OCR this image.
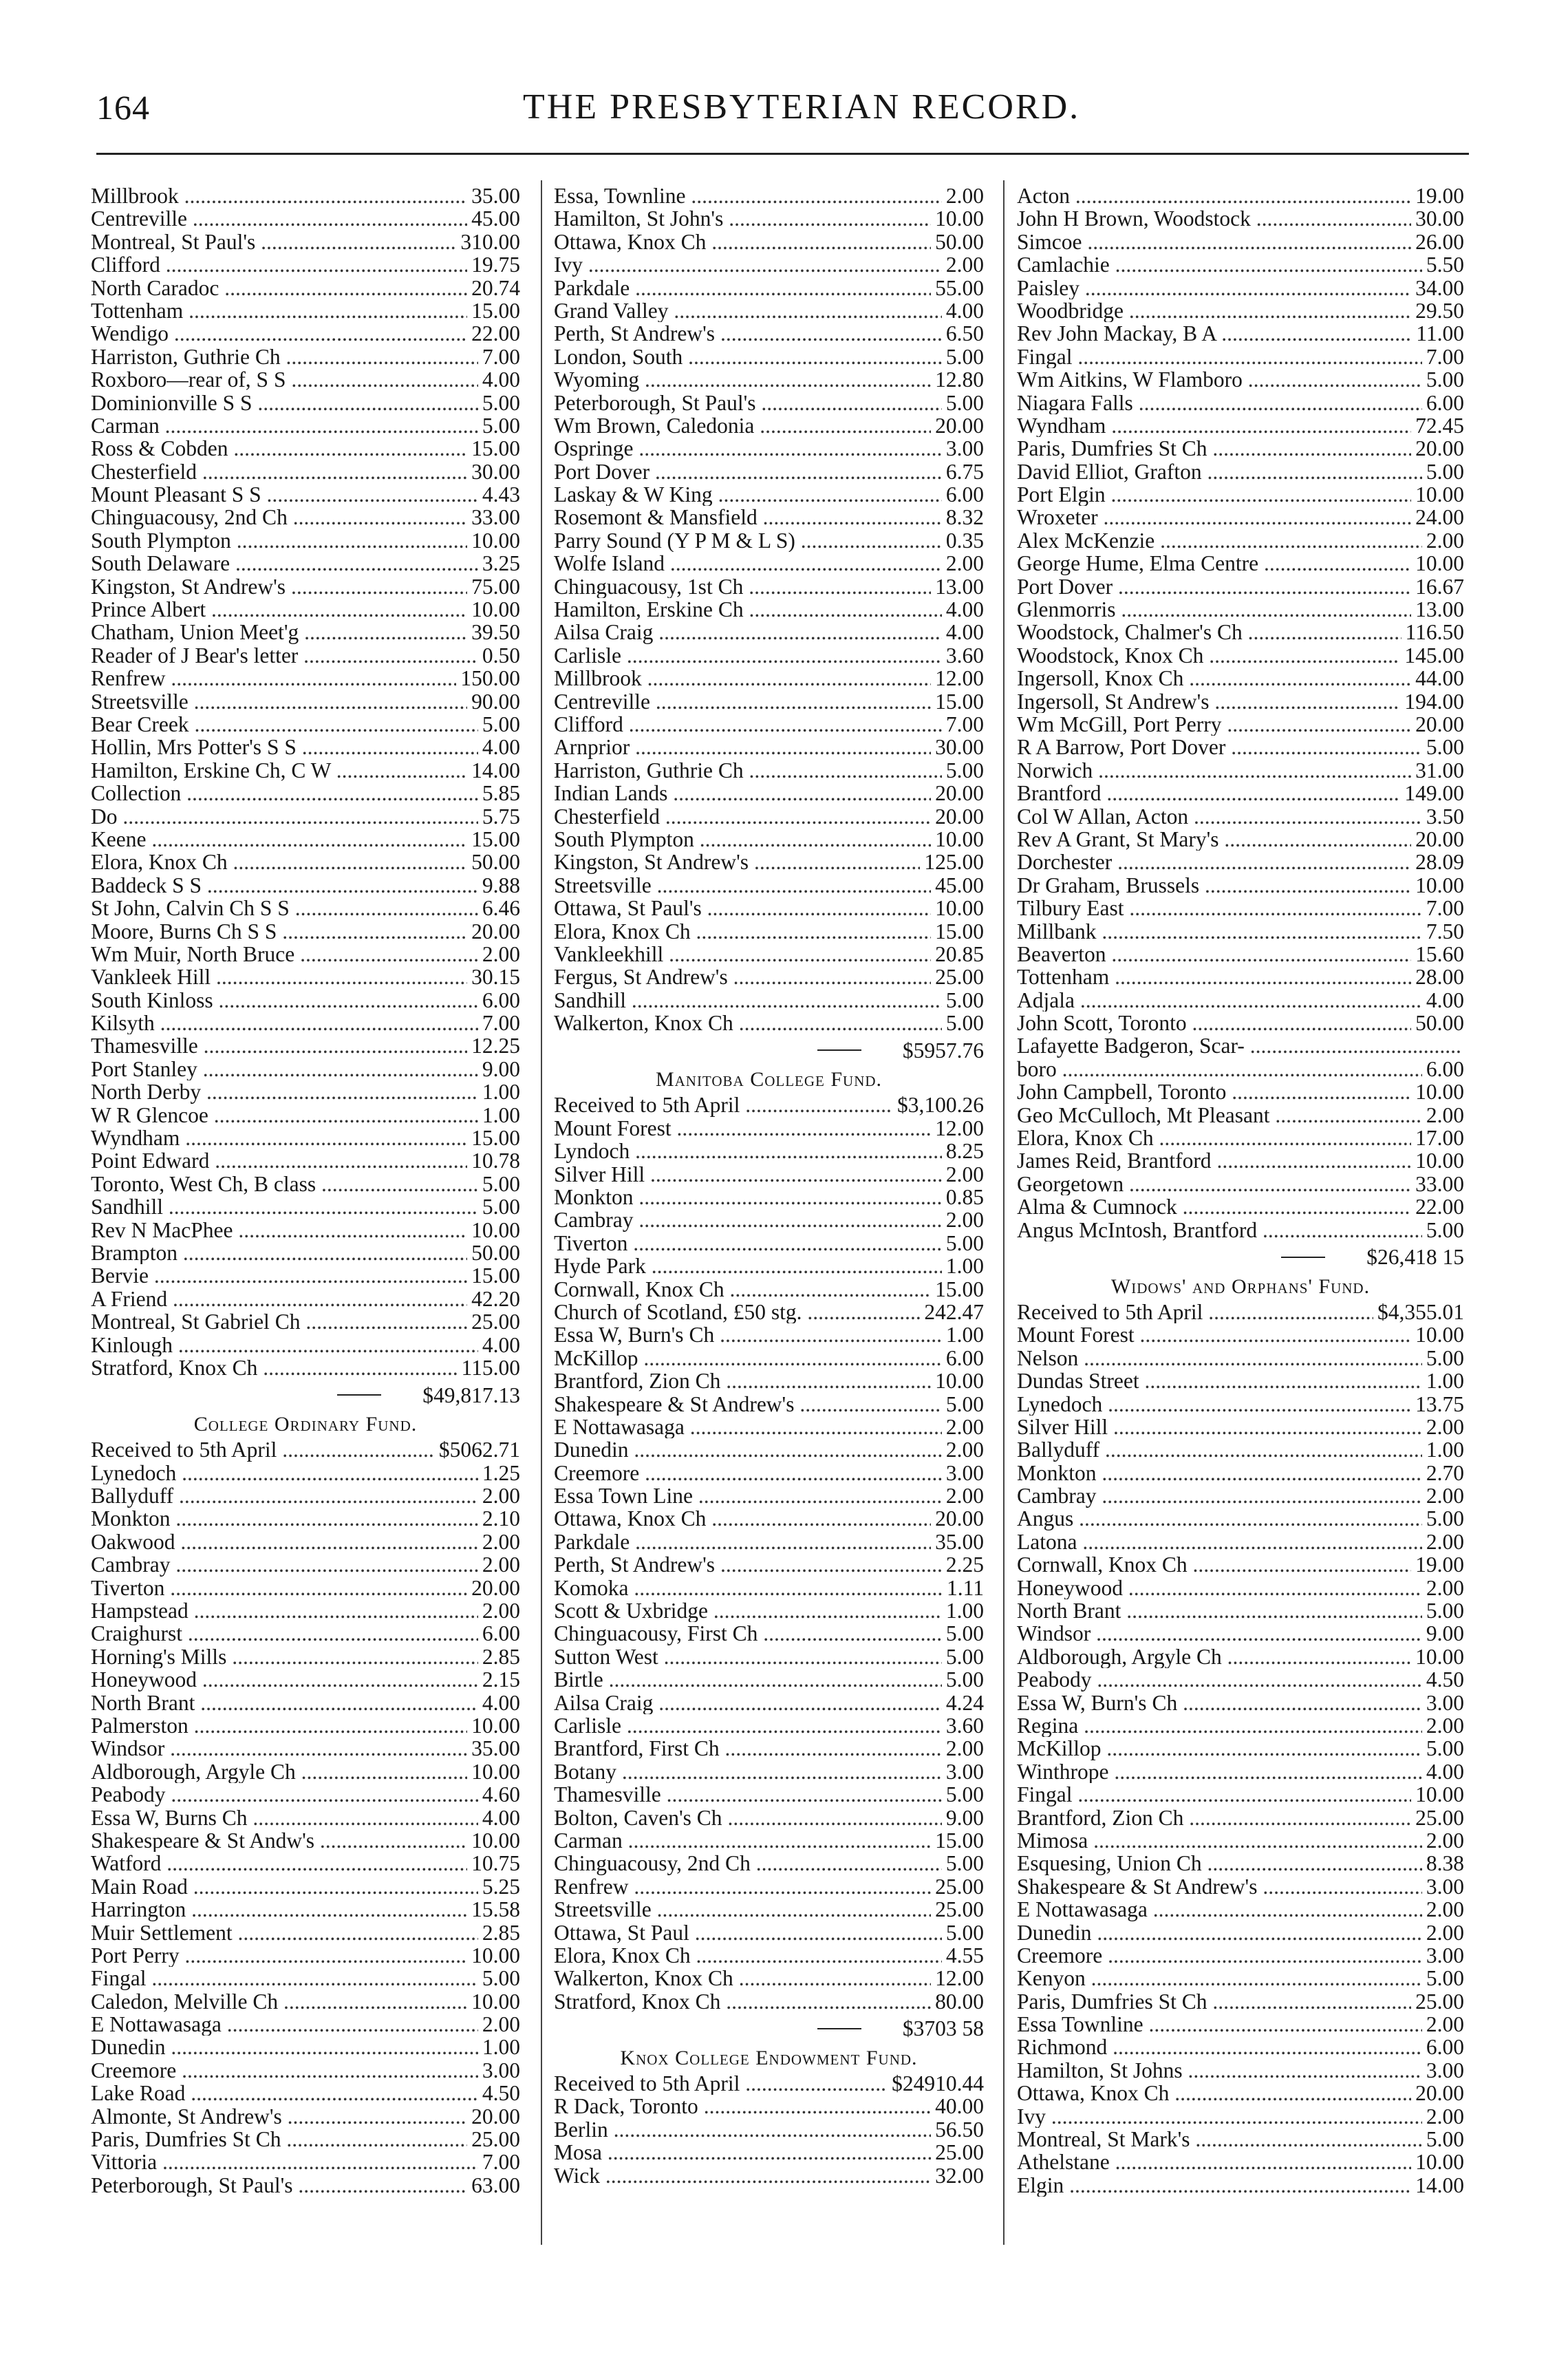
164	THE PRESBYTERIAN RECORD.
Millbrook .....	35.00
Centreville .....	45.00
Montreal, St Paul's .....	310.00
Clifford .....	19.75
North Caradoc .....	20.74
Tottenham .....	15.00
Wendigo .....	22.00
Harriston, Guthrie Ch .....	7.00
Roxboro—rear of, S S .....	4.00
Dominionville S S .....	5.00
Carman .....	5.00
Ross & Cobden .....	15.00
Chesterfield .....	30.00
Mount Pleasant S S .....	4.43
Chinguacousy, 2nd Ch .....	33.00
South Plympton .....	10.00
South Delaware .....	3.25
Kingston, St Andrew's .....	75.00
Prince Albert .....	10.00
Chatham, Union Meet'g .....	39.50
Reader of J Bear's letter .....	0.50
Renfrew .....	150.00
Streetsville .....	90.00
Bear Creek .....	5.00
Hollin, Mrs Potter's S S .....	4.00
Hamilton, Erskine Ch, C W .....	14.00
Collection .....	5.85
Do .....	5.75
Keene .....	15.00
Elora, Knox Ch .....	50.00
Baddeck S S .....	9.88
St John, Calvin Ch S S .....	6.46
Moore, Burns Ch S S .....	20.00
Wm Muir, North Bruce .....	2.00
Vankleek Hill .....	30.15
South Kinloss .....	6.00
Kilsyth .....	7.00
Thamesville .....	12.25
Port Stanley .....	9.00
North Derby .....	1.00
W R Glencoe .....	1.00
Wyndham .....	15.00
Point Edward .....	10.78
Toronto, West Ch, B class .....	5.00
Sandhill .....	5.00
Rev N MacPhee .....	10.00
Brampton .....	50.00
Bervie .....	15.00
A Friend .....	42.20
Montreal, St Gabriel Ch .....	25.00
Kinlough .....	4.00
Stratford, Knox Ch .....	115.00
$49,817.13
College Ordinary Fund.
Received to 5th April .....	$5062.71
Lynedoch .....	1.25
Ballyduff .....	2.00
Monkton .....	2.10
Oakwood .....	2.00
Cambray .....	2.00
Tiverton .....	20.00
Hampstead .....	2.00
Craighurst .....	6.00
Horning's Mills .....	2.85
Honeywood .....	2.15
North Brant .....	4.00
Palmerston .....	10.00
Windsor .....	35.00
Aldborough, Argyle Ch .....	10.00
Peabody .....	4.60
Essa W, Burns Ch .....	4.00
Shakespeare & St Andw's .....	10.00
Watford .....	10.75
Main Road .....	5.25
Harrington .....	15.58
Muir Settlement .....	2.85
Port Perry .....	10.00
Fingal .....	5.00
Caledon, Melville Ch .....	10.00
E Nottawasaga .....	2.00
Dunedin .....	1.00
Creemore .....	3.00
Lake Road .....	4.50
Almonte, St Andrew's .....	20.00
Paris, Dumfries St Ch .....	25.00
Vittoria .....	7.00
Peterborough, St Paul's .....	63.00
Essa, Townline .....	2.00
Hamilton, St John's .....	10.00
Ottawa, Knox Ch .....	50.00
Ivy .....	2.00
Parkdale .....	55.00
Grand Valley .....	4.00
Perth, St Andrew's .....	6.50
London, South .....	5.00
Wyoming .....	12.80
Peterborough, St Paul's .....	5.00
Wm Brown, Caledonia .....	20.00
Ospringe .....	3.00
Port Dover .....	6.75
Laskay & W King .....	6.00
Rosemont & Mansfield .....	8.32
Parry Sound (Y P M & L S) .....	0.35
Wolfe Island .....	2.00
Chinguacousy, 1st Ch .....	13.00
Hamilton, Erskine Ch .....	4.00
Ailsa Craig .....	4.00
Carlisle .....	3.60
Millbrook .....	12.00
Centreville .....	15.00
Clifford .....	7.00
Arnprior .....	30.00
Harriston, Guthrie Ch .....	5.00
Indian Lands .....	20.00
Chesterfield .....	20.00
South Plympton .....	10.00
Kingston, St Andrew's .....	125.00
Streetsville .....	45.00
Ottawa, St Paul's .....	10.00
Elora, Knox Ch .....	15.00
Vankleekhill .....	20.85
Fergus, St Andrew's .....	25.00
Sandhill .....	5.00
Walkerton, Knox Ch .....	5.00
$5957.76
Manitoba College Fund.
Received to 5th April .....	$3,100.26
Mount Forest .....	12.00
Lyndoch .....	8.25
Silver Hill .....	2.00
Monkton .....	0.85
Cambray .....	2.00
Tiverton .....	5.00
Hyde Park .....	1.00
Cornwall, Knox Ch .....	15.00
Church of Scotland, £50 stg. .....	242.47
Essa W, Burn's Ch .....	1.00
McKillop .....	6.00
Brantford, Zion Ch .....	10.00
Shakespeare & St Andrew's .....	5.00
E Nottawasaga .....	2.00
Dunedin .....	2.00
Creemore .....	3.00
Essa Town Line .....	2.00
Ottawa, Knox Ch .....	20.00
Parkdale .....	35.00
Perth, St Andrew's .....	2.25
Komoka .....	1.11
Scott & Uxbridge .....	1.00
Chinguacousy, First Ch .....	5.00
Sutton West .....	5.00
Birtle .....	5.00
Ailsa Craig .....	4.24
Carlisle .....	3.60
Brantford, First Ch .....	2.00
Botany .....	3.00
Thamesville .....	5.00
Bolton, Caven's Ch .....	9.00
Carman .....	15.00
Chinguacousy, 2nd Ch .....	5.00
Renfrew .....	25.00
Streetsville .....	25.00
Ottawa, St Paul .....	5.00
Elora, Knox Ch .....	4.55
Walkerton, Knox Ch .....	12.00
Stratford, Knox Ch .....	80.00
$3703 58
Knox College Endowment Fund.
Received to 5th April .....	$24910.44
R Dack, Toronto .....	40.00
Berlin .....	56.50
Mosa .....	25.00
Wick .....	32.00
Acton .....	19.00
John H Brown, Woodstock .....	30.00
Simcoe .....	26.00
Camlachie .....	5.50
Paisley .....	34.00
Woodbridge .....	29.50
Rev John Mackay, B A .....	11.00
Fingal .....	7.00
Wm Aitkins, W Flamboro .....	5.00
Niagara Falls .....	6.00
Wyndham .....	72.45
Paris, Dumfries St Ch .....	20.00
David Elliot, Grafton .....	5.00
Port Elgin .....	10.00
Wroxeter .....	24.00
Alex McKenzie .....	2.00
George Hume, Elma Centre .....	10.00
Port Dover .....	16.67
Glenmorris .....	13.00
Woodstock, Chalmer's Ch .....	116.50
Woodstock, Knox Ch .....	145.00
Ingersoll, Knox Ch .....	44.00
Ingersoll, St Andrew's .....	194.00
Wm McGill, Port Perry .....	20.00
R A Barrow, Port Dover .....	5.00
Norwich .....	31.00
Brantford .....	149.00
Col W Allan, Acton .....	3.50
Rev A Grant, St Mary's .....	20.00
Dorchester .....	28.09
Dr Graham, Brussels .....	10.00
Tilbury East .....	7.00
Millbank .....	7.50
Beaverton .....	15.60
Tottenham .....	28.00
Adjala .....	4.00
John Scott, Toronto .....	50.00
Lafayette Badgeron, Scar- .....
boro .....	6.00
John Campbell, Toronto .....	10.00
Geo McCulloch, Mt Pleasant .....	2.00
Elora, Knox Ch .....	17.00
James Reid, Brantford .....	10.00
Georgetown .....	33.00
Alma & Cumnock .....	22.00
Angus McIntosh, Brantford .....	5.00
$26,418 15
Widows' and Orphans' Fund.
Received to 5th April .....	$4,355.01
Mount Forest .....	10.00
Nelson .....	5.00
Dundas Street .....	1.00
Lynedoch .....	13.75
Silver Hill .....	2.00
Ballyduff .....	1.00
Monkton .....	2.70
Cambray .....	2.00
Angus .....	5.00
Latona .....	2.00
Cornwall, Knox Ch .....	19.00
Honeywood .....	2.00
North Brant .....	5.00
Windsor .....	9.00
Aldborough, Argyle Ch .....	10.00
Peabody .....	4.50
Essa W, Burn's Ch .....	3.00
Regina .....	2.00
McKillop .....	5.00
Winthrope .....	4.00
Fingal .....	10.00
Brantford, Zion Ch .....	25.00
Mimosa .....	2.00
Esquesing, Union Ch .....	8.38
Shakespeare & St Andrew's .....	3.00
E Nottawasaga .....	2.00
Dunedin .....	2.00
Creemore .....	3.00
Kenyon .....	5.00
Paris, Dumfries St Ch .....	25.00
Essa Townline .....	2.00
Richmond .....	6.00
Hamilton, St Johns .....	3.00
Ottawa, Knox Ch .....	20.00
Ivy .....	2.00
Montreal, St Mark's .....	5.00
Athelstane .....	10.00
Elgin .....	14.00
